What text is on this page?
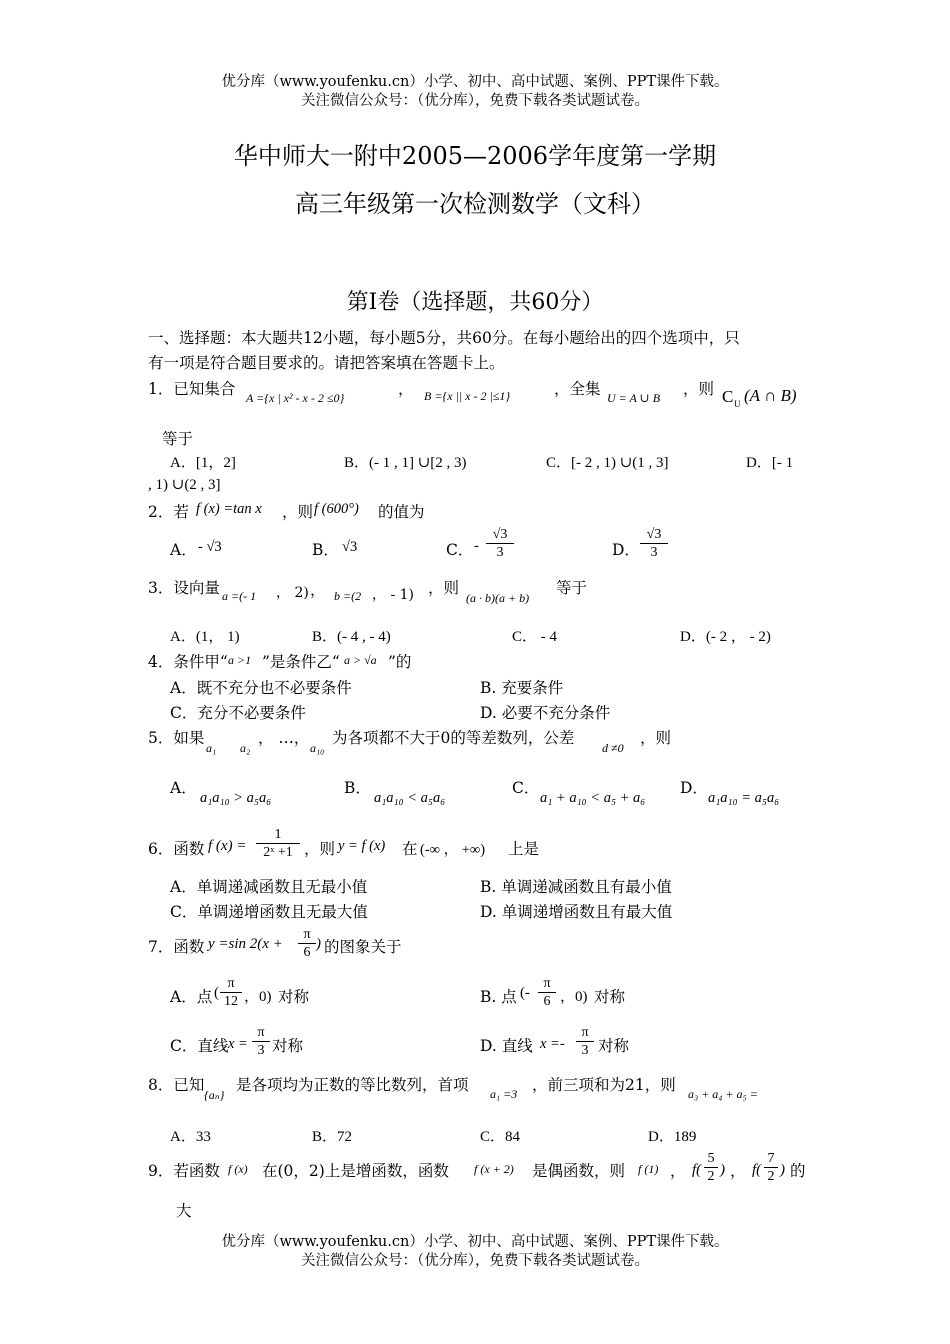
优分库（www.youfenku.cn）小学、初中、高中试题、案例、PPT课件下载。
关注微信公众号：（优分库），免费下载各类试题试卷。
华中师大一附中2005—2006学年度第一学期
高三年级第一次检测数学（文科）
第Ⅰ卷（选择题，共60分）
一、选择题：本大题共12小题，每小题5分，共60分。在每小题给出的四个选项中，只
有一项是符合题目要求的。请把答案填在答题卡上。
1．已知集合 A ={x | x² - x - 2 ≤0}	， B ={x || x - 2 |≤1}	，全集 U = A ∪ B ，则 C U (A ∩ B)
等于
A．[1，2]	B．(- 1 , 1] ∪[2 , 3)	C．[- 2 , 1) ∪(1 , 3]	D．[- 1
, 1) ∪(2 , 3]
2．若 f (x) =tan x ，则 f (600°) 的值为
A． - √3	B． √3	C． - $\frac{√3}{3}$	D． $\frac{√3}{3}$
3．设向量 a =(- 1 ， 2) ， b =(2 ， - 1) ，则
(a · b)(a + b)
等于
A．(1， 1)	B．(- 4 , - 4)	C． - 4	D．(- 2 ， - 2)
4．条件甲“ a >1 ”是条件乙“ a > √a ”的
A．既不充分也不必要条件	B. 充要条件
C．充分不必要条件	D. 必要不充分条件
5．如果
a₁ a₂
， …，
a₁₀
为各项都不大于0的等差数列，公差
d ≠0
，则
A．
a₁a₁₀ > a₅a₆
B．
a₁a₁₀ < a₅a₆
C．
a₁ + a₁₀ < a₅ + a₆
D．
a₁a₁₀ = a₅a₆
6．函数 f $(x) = \frac{1}{\text{2ˣ +1}}$ ，则 y = f (x) 在 (-∞ ， +∞) 上是
A．单调递减函数且无最小值	B. 单调递减函数且有最小值
C．单调递增函数且无最大值	D. 单调递增函数且有最大值
7．函数 y =sin $2(x + \frac{\pi}{6}$ ) 的图象关于
A．点 ( $\frac{\pi}{12}$ ，0) 对称	B. 点 (- $\frac{\pi}{6}$ ，0) 对称
C．直线 $x = \frac{\pi}{3}$ 对称	D. 直线 $x =- \frac{\pi}{3}$ 对称
8．已知
{aₙ}
是各项均为正数的等比数列，首项 a₁ =3 ，前三项和为21，则 a₃ + a₄ + a₅ =
A．33	B．72	C．84	D．189
9．若函数 f (x) 在(0，2)上是增函数，函数 f (x + 2) 是偶函数，则 f (1) ， $f( \frac{5}{2}$ ) ， $f( \frac{7}{2}$ ) 的
大
优分库（www.youfenku.cn）小学、初中、高中试题、案例、PPT课件下载。
关注微信公众号：（优分库），免费下载各类试题试卷。
